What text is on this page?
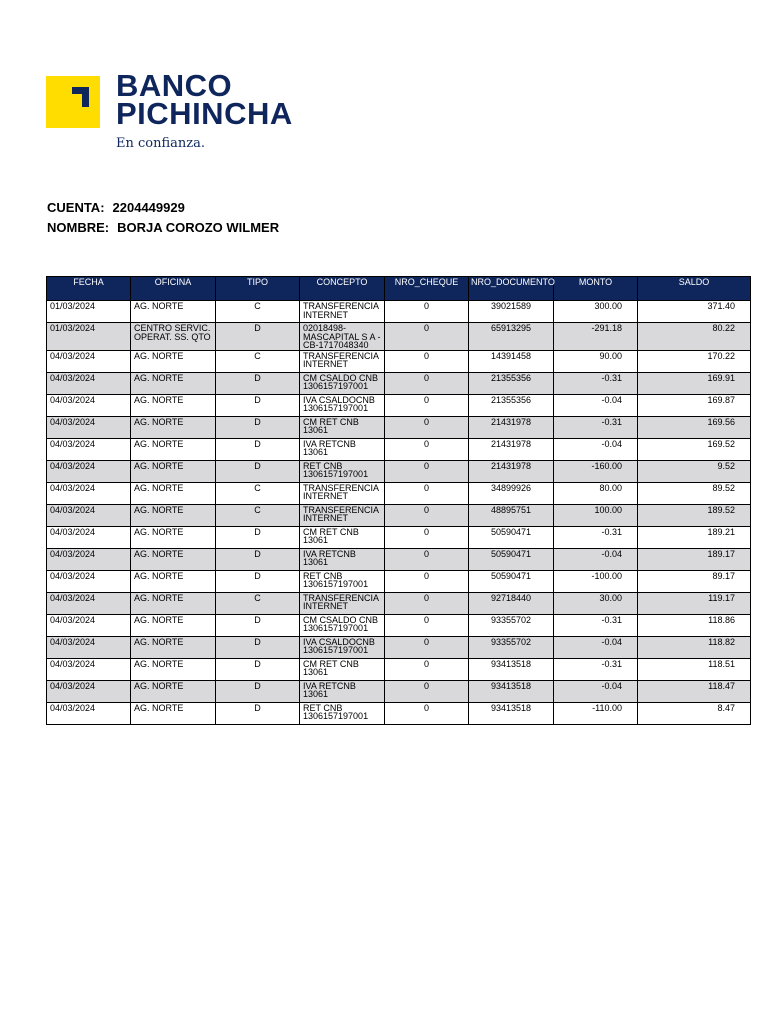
BANCO
PICHINCHA
En confianza.
CUENTA: 2204449929
NOMBRE: BORJA COROZO WILMER
FECHA	OFICINA	TIPO	CONCEPTO	NRO_CHEQUE	NRO_DOCUMENTO	MONTO	SALDO
01/03/2024	AG. NORTE	C	TRANSFERENCIA INTERNET	0	39021589	300.00	371.40
01/03/2024	CENTRO SERVIC. OPERAT. SS. QTO	D	02018498-MASCAPITAL S A -CB-1717048340	0	65913295	-291.18	80.22
04/03/2024	AG. NORTE	C	TRANSFERENCIA INTERNET	0	14391458	90.00	170.22
04/03/2024	AG. NORTE	D	CM CSALDO CNB 1306157197001	0	21355356	-0.31	169.91
04/03/2024	AG. NORTE	D	IVA CSALDOCNB 1306157197001	0	21355356	-0.04	169.87
04/03/2024	AG. NORTE	D	CM RET CNB 13061	0	21431978	-0.31	169.56
04/03/2024	AG. NORTE	D	IVA RETCNB 13061	0	21431978	-0.04	169.52
04/03/2024	AG. NORTE	D	RET CNB 1306157197001	0	21431978	-160.00	9.52
04/03/2024	AG. NORTE	C	TRANSFERENCIA INTERNET	0	34899926	80.00	89.52
04/03/2024	AG. NORTE	C	TRANSFERENCIA INTERNET	0	48895751	100.00	189.52
04/03/2024	AG. NORTE	D	CM RET CNB 13061	0	50590471	-0.31	189.21
04/03/2024	AG. NORTE	D	IVA RETCNB 13061	0	50590471	-0.04	189.17
04/03/2024	AG. NORTE	D	RET CNB 1306157197001	0	50590471	-100.00	89.17
04/03/2024	AG. NORTE	C	TRANSFERENCIA INTERNET	0	92718440	30.00	119.17
04/03/2024	AG. NORTE	D	CM CSALDO CNB 1306157197001	0	93355702	-0.31	118.86
04/03/2024	AG. NORTE	D	IVA CSALDOCNB 1306157197001	0	93355702	-0.04	118.82
04/03/2024	AG. NORTE	D	CM RET CNB 13061	0	93413518	-0.31	118.51
04/03/2024	AG. NORTE	D	IVA RETCNB 13061	0	93413518	-0.04	118.47
04/03/2024	AG. NORTE	D	RET CNB 1306157197001	0	93413518	-110.00	8.47
